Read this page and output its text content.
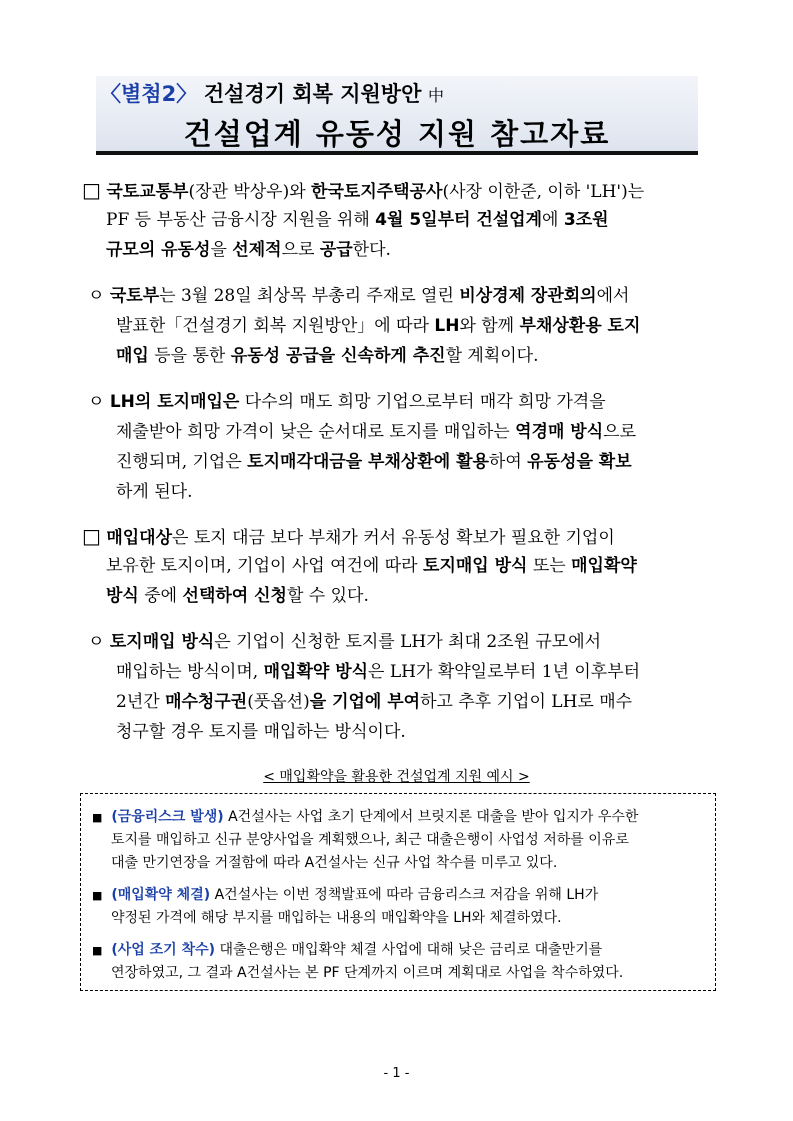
〈별첨2〉 건설경기 회복 지원방안 中
건설업계 유동성 지원 참고자료
□ 국토교통부(장관 박상우)와 한국토지주택공사(사장 이한준, 이하 'LH')는
PF 등 부동산 금융시장 지원을 위해 4월 5일부터 건설업계에 3조원
규모의 유동성을 선제적으로 공급한다.
ㅇ 국토부는 3월 28일 최상목 부총리 주재로 열린 비상경제 장관회의에서
발표한「건설경기 회복 지원방안」에 따라 LH와 함께 부채상환용 토지
매입 등을 통한 유동성 공급을 신속하게 추진할 계획이다.
ㅇ LH의 토지매입은 다수의 매도 희망 기업으로부터 매각 희망 가격을
제출받아 희망 가격이 낮은 순서대로 토지를 매입하는 역경매 방식으로
진행되며, 기업은 토지매각대금을 부채상환에 활용하여 유동성을 확보
하게 된다.
□ 매입대상은 토지 대금 보다 부채가 커서 유동성 확보가 필요한 기업이
보유한 토지이며, 기업이 사업 여건에 따라 토지매입 방식 또는 매입확약
방식 중에 선택하여 신청할 수 있다.
ㅇ 토지매입 방식은 기업이 신청한 토지를 LH가 최대 2조원 규모에서
매입하는 방식이며, 매입확약 방식은 LH가 확약일로부터 1년 이후부터
2년간 매수청구권(풋옵션)을 기업에 부여하고 추후 기업이 LH로 매수
청구할 경우 토지를 매입하는 방식이다.
< 매입확약을 활용한 건설업계 지원 예시 >
■ (금융리스크 발생) A건설사는 사업 초기 단계에서 브릿지론 대출을 받아 입지가 우수한
토지를 매입하고 신규 분양사업을 계획했으나, 최근 대출은행이 사업성 저하를 이유로
대출 만기연장을 거절함에 따라 A건설사는 신규 사업 착수를 미루고 있다.
■ (매입확약 체결) A건설사는 이번 정책발표에 따라 금융리스크 저감을 위해 LH가
약정된 가격에 해당 부지를 매입하는 내용의 매입확약을 LH와 체결하였다.
■ (사업 조기 착수) 대출은행은 매입확약 체결 사업에 대해 낮은 금리로 대출만기를
연장하였고, 그 결과 A건설사는 본 PF 단계까지 이르며 계획대로 사업을 착수하였다.
- 1 -
